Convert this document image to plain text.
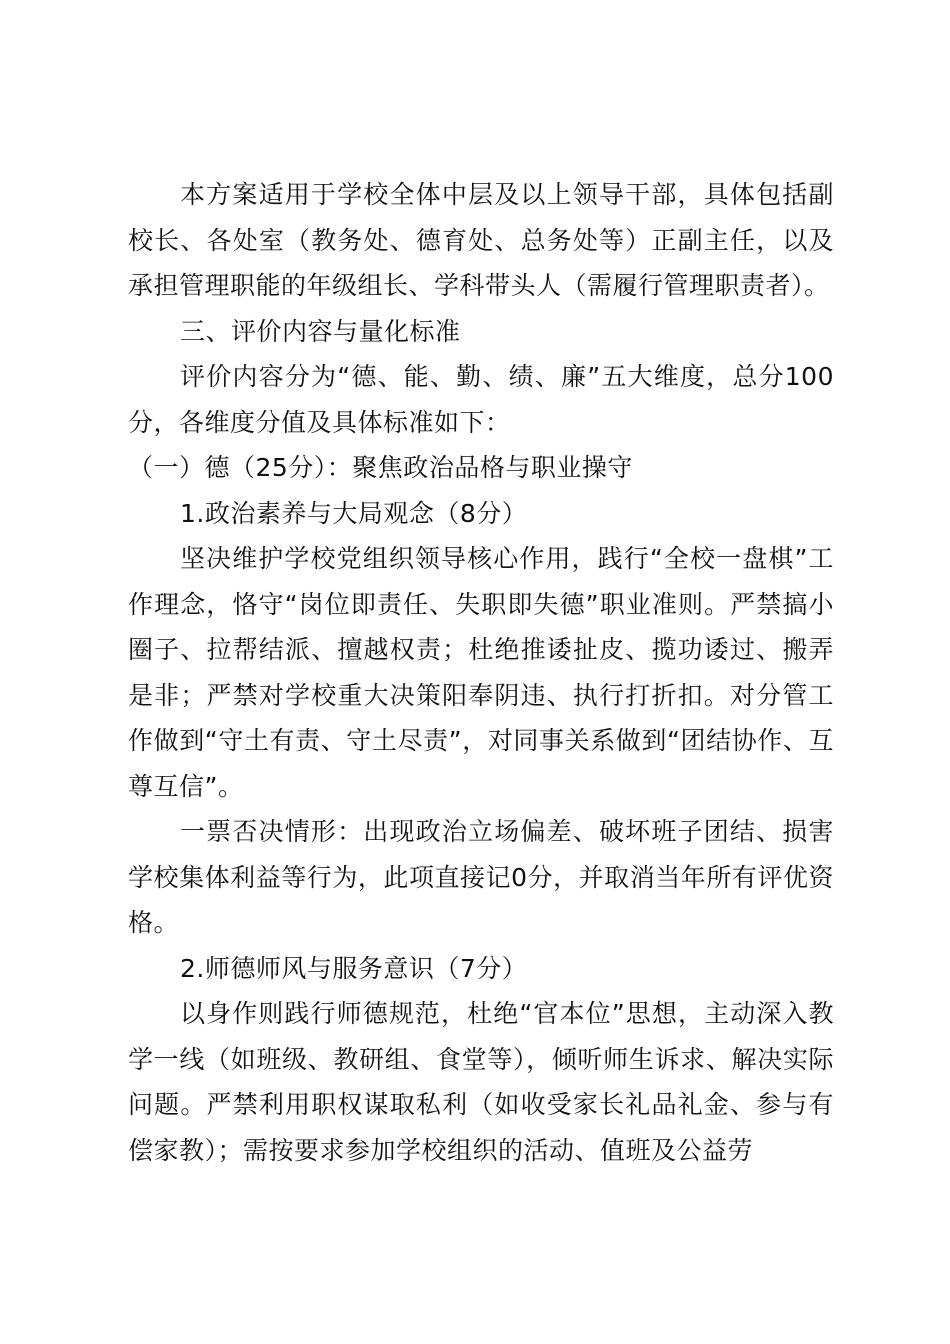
本方案适用于学校全体中层及以上领导干部，具体包括副校长、各处室（教务处、德育处、总务处等）正副主任，以及承担管理职能的年级组长、学科带头人（需履行管理职责者）。

三、评价内容与量化标准

评价内容分为“德、能、勤、绩、廉”五大维度，总分100分，各维度分值及具体标准如下：

（一）德（25分）：聚焦政治品格与职业操守

1.政治素养与大局观念（8分）

坚决维护学校党组织领导核心作用，践行“全校一盘棋”工作理念，恪守“岗位即责任、失职即失德”职业准则。严禁搞小圈子、拉帮结派、擅越权责；杜绝推诿扯皮、揽功诿过、搬弄是非；严禁对学校重大决策阳奉阴违、执行打折扣。对分管工作做到“守土有责、守土尽责”，对同事关系做到“团结协作、互尊互信”。

一票否决情形：出现政治立场偏差、破坏班子团结、损害学校集体利益等行为，此项直接记0分，并取消当年所有评优资格。

2.师德师风与服务意识（7分）

以身作则践行师德规范，杜绝“官本位”思想，主动深入教学一线（如班级、教研组、食堂等），倾听师生诉求、解决实际问题。严禁利用职权谋取私利（如收受家长礼品礼金、参与有偿家教）；需按要求参加学校组织的活动、值班及公益劳
